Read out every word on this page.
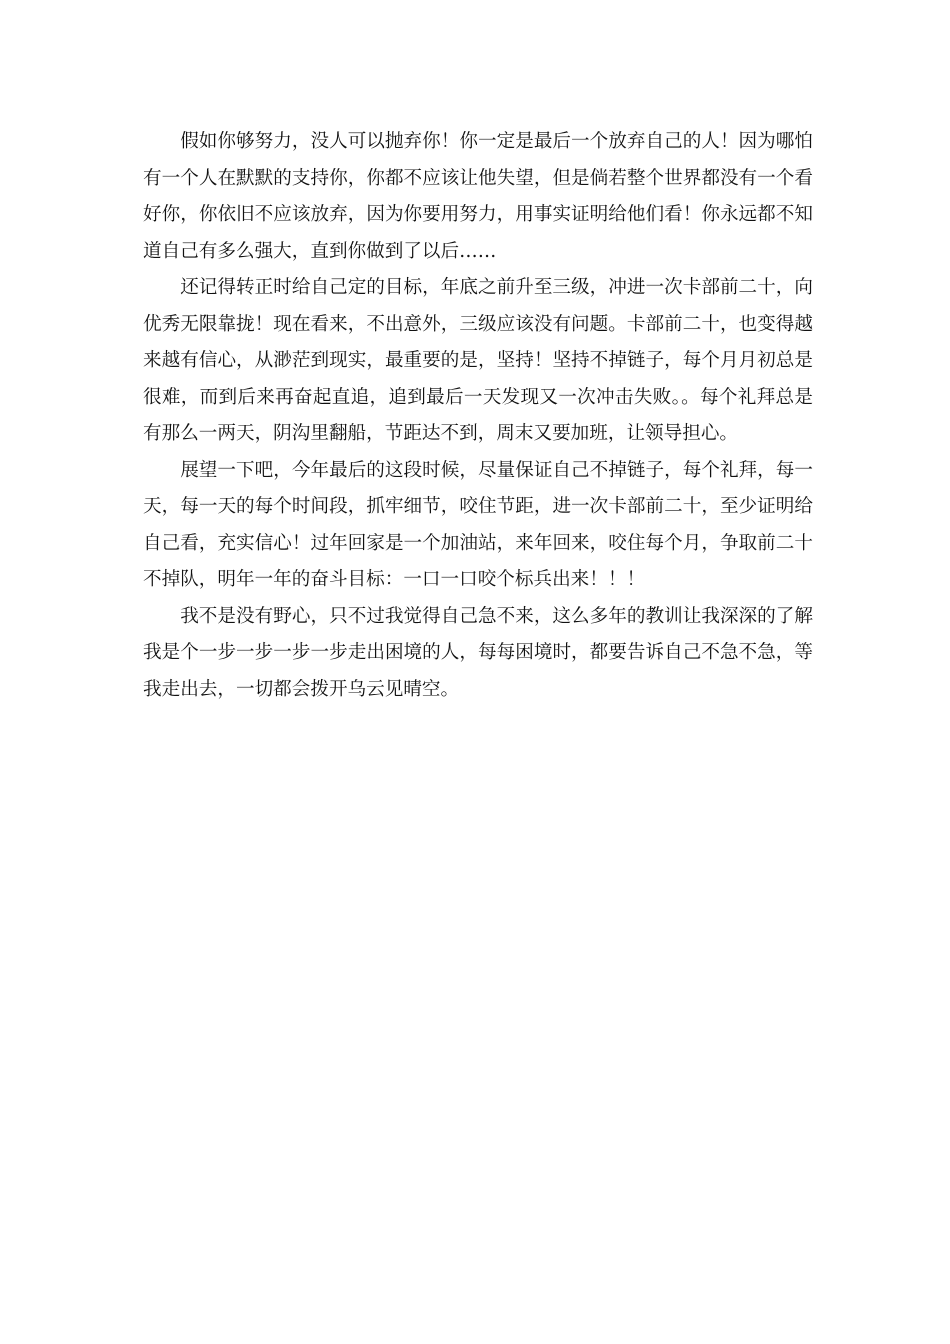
假如你够努力，没人可以抛弃你！你一定是最后一个放弃自己的人！因为哪怕有一个人在默默的支持你，你都不应该让他失望，但是倘若整个世界都没有一个看好你，你依旧不应该放弃，因为你要用努力，用事实证明给他们看！你永远都不知道自己有多么强大，直到你做到了以后……

还记得转正时给自己定的目标，年底之前升至三级，冲进一次卡部前二十，向优秀无限靠拢！现在看来，不出意外，三级应该没有问题。卡部前二十，也变得越来越有信心，从渺茫到现实，最重要的是，坚持！坚持不掉链子，每个月月初总是很难，而到后来再奋起直追，追到最后一天发现又一次冲击失败。。每个礼拜总是有那么一两天，阴沟里翻船，节距达不到，周末又要加班，让领导担心。

展望一下吧，今年最后的这段时候，尽量保证自己不掉链子，每个礼拜，每一天，每一天的每个时间段，抓牢细节，咬住节距，进一次卡部前二十，至少证明给自己看，充实信心！过年回家是一个加油站，来年回来，咬住每个月，争取前二十不掉队，明年一年的奋斗目标：一口一口咬个标兵出来！！！

我不是没有野心，只不过我觉得自己急不来，这么多年的教训让我深深的了解我是个一步一步一步一步走出困境的人，每每困境时，都要告诉自己不急不急，等我走出去，一切都会拨开乌云见晴空。
